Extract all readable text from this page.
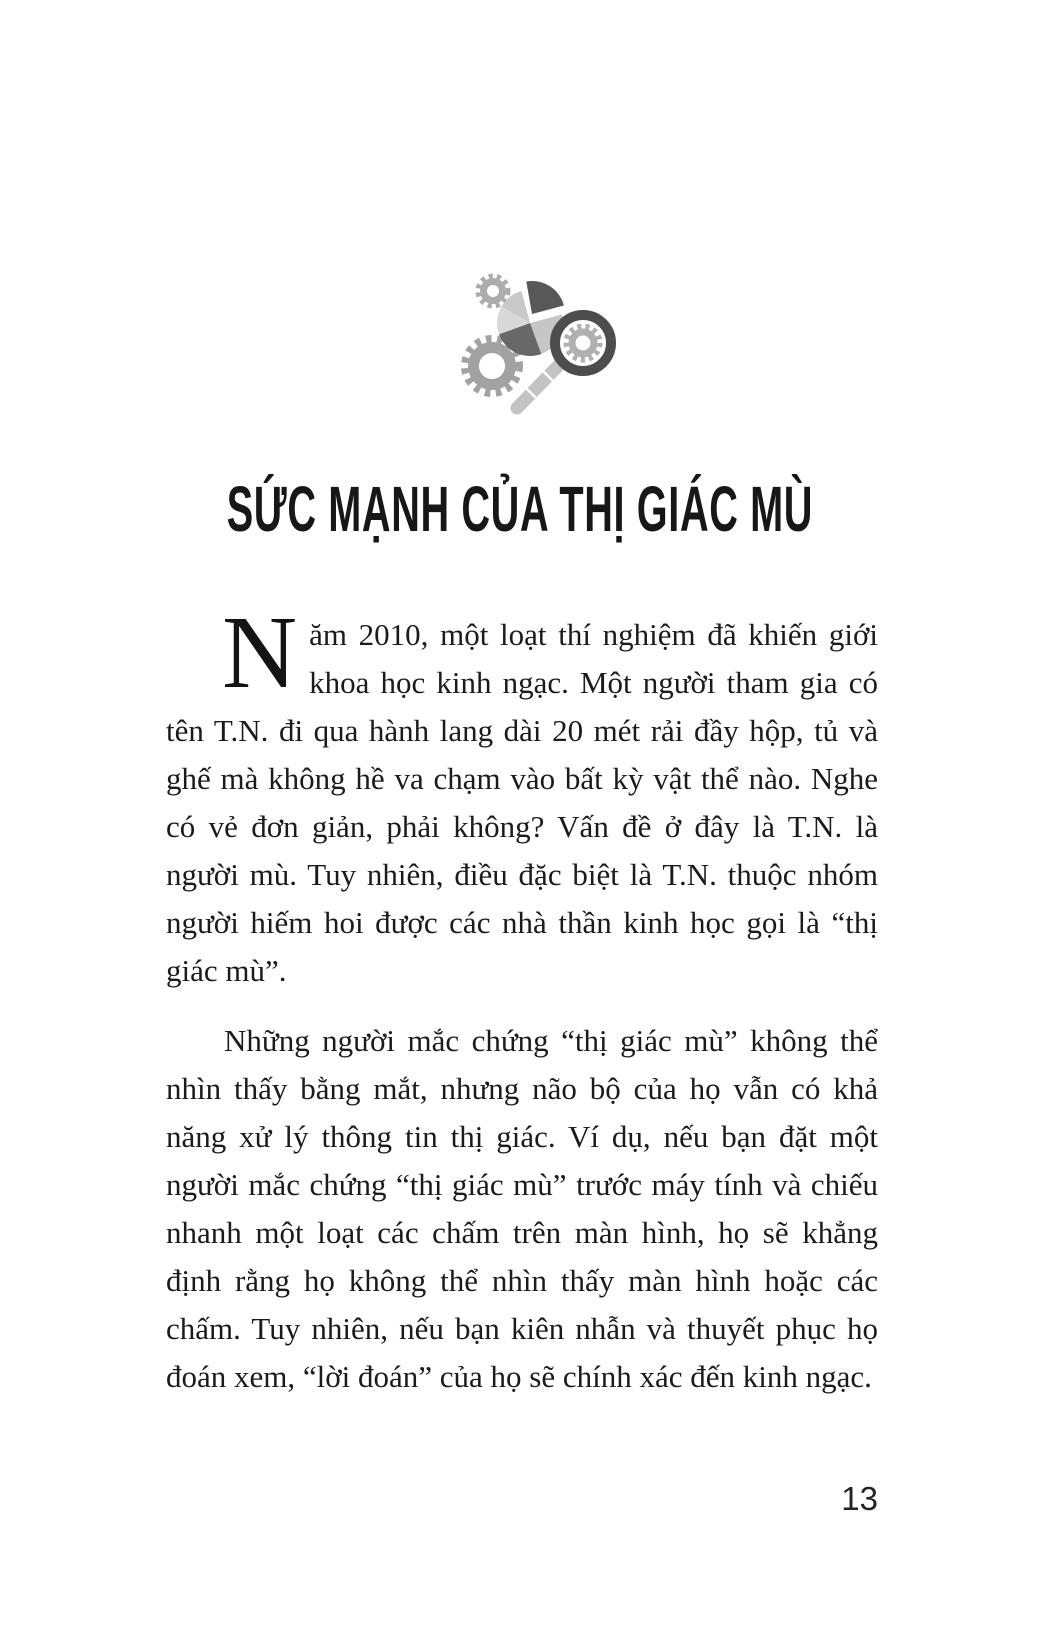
SỨC MẠNH CỦA THỊ GIÁC MÙ

Năm 2010, một loạt thí nghiệm đã khiến giới khoa học kinh ngạc. Một người tham gia có tên T.N. đi qua hành lang dài 20 mét rải đầy hộp, tủ và ghế mà không hề va chạm vào bất kỳ vật thể nào. Nghe có vẻ đơn giản, phải không? Vấn đề ở đây là T.N. là người mù. Tuy nhiên, điều đặc biệt là T.N. thuộc nhóm người hiếm hoi được các nhà thần kinh học gọi là “thị giác mù”.

Những người mắc chứng “thị giác mù” không thể nhìn thấy bằng mắt, nhưng não bộ của họ vẫn có khả năng xử lý thông tin thị giác. Ví dụ, nếu bạn đặt một người mắc chứng “thị giác mù” trước máy tính và chiếu nhanh một loạt các chấm trên màn hình, họ sẽ khẳng định rằng họ không thể nhìn thấy màn hình hoặc các chấm. Tuy nhiên, nếu bạn kiên nhẫn và thuyết phục họ đoán xem, “lời đoán” của họ sẽ chính xác đến kinh ngạc.

13
